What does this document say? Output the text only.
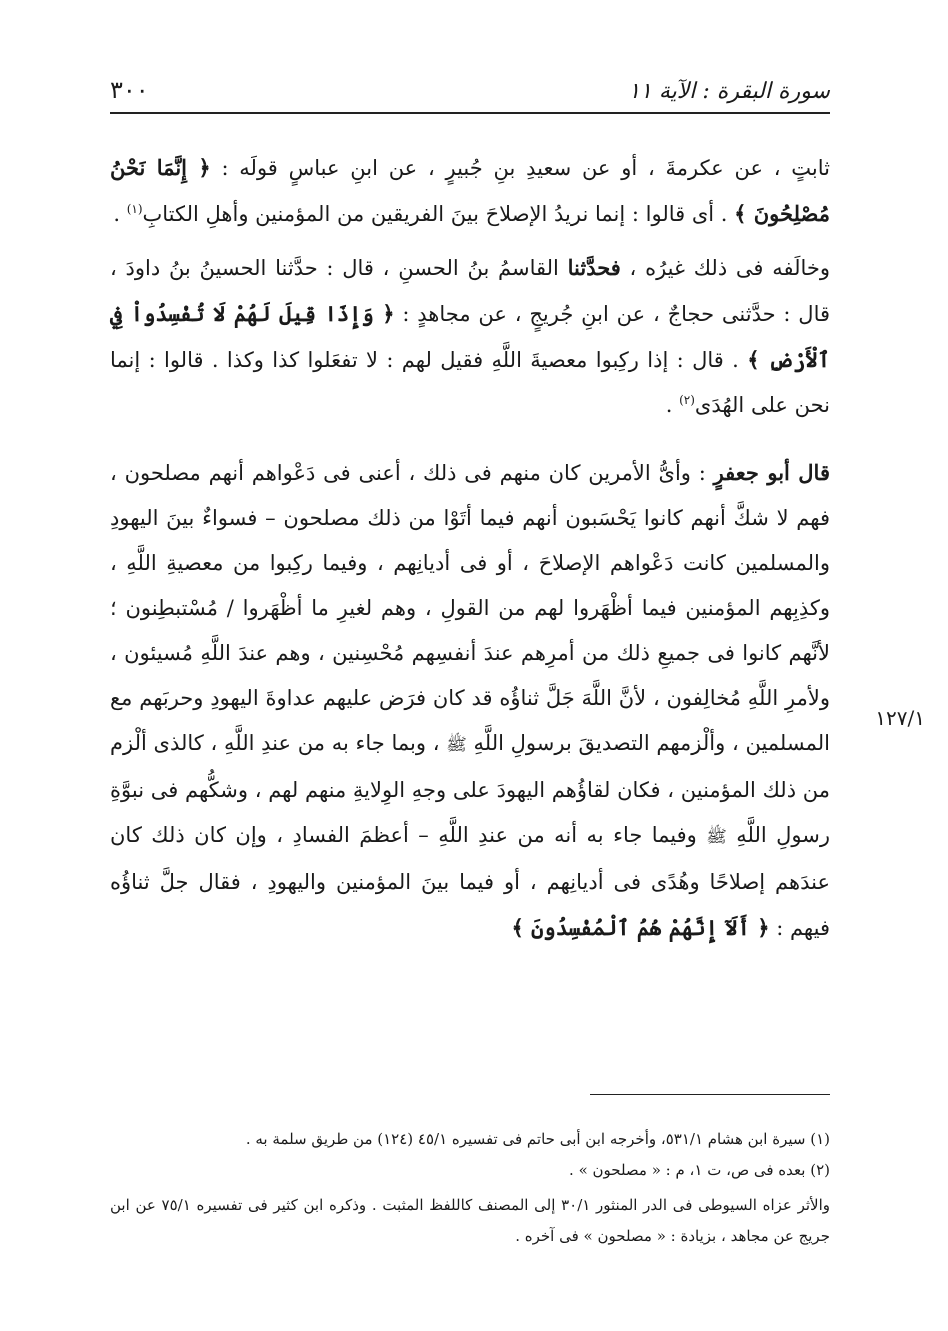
سورة البقرة : الآية ١١
٣٠٠

ثابتٍ ، عن عكرمةَ ، أو عن سعيدِ بنِ جُبيرٍ ، عن ابنِ عباسٍ قولَه : ﴿ إِنَّمَا نَحْنُ مُصْلِحُونَ ﴾ . أى قالوا : إنما نريدُ الإصلاحَ بينَ الفريقين من المؤمنين وأهلِ الكتابِ$^{(١)}$ .

وخالَفه فى ذلك غيرُه ، فحدَّثنا القاسمُ بنُ الحسنِ ، قال : حدَّثنا الحسينُ بنُ داودَ ، قال : حدَّثنى حجاجٌ ، عن ابنِ جُريجٍ ، عن مجاهدٍ : ﴿ وَإِذَا قِيلَ لَهُمْ لَا تُفْسِدُواْ فِي ٱلْأَرْضِ ﴾ . قال : إذا ركِبوا معصيةَ اللَّهِ فقيل لهم : لا تفعَلوا كذا وكذا . قالوا : إنما نحن على الهُدَى$^{(٢)}$ .

قال أبو جعفرٍ : وأىُّ الأمرين كان منهم فى ذلك ، أعنى فى دَعْواهم أنهم مصلحون ، فهم لا شكَّ أنهم كانوا يَحْسَبون أنهم فيما أتَوْا من ذلك مصلحون – فسواءٌ بينَ اليهودِ والمسلمين كانت دَعْواهم الإصلاحَ ، أو فى أديانِهم ، وفيما ركِبوا من معصيةِ اللَّهِ ، وكذِبِهم المؤمنين فيما أظْهَروا لهم من القولِ ، وهم لغيرِ ما أظْهَروا / مُسْتبطِنون ؛ لأنَّهم كانوا فى جميعِ ذلك من أمرِهم عندَ أنفسِهم مُحْسِنين ، وهم عندَ اللَّهِ مُسيئون ، ولأمرِ اللَّهِ مُخالِفون ، لأنَّ اللَّهَ جَلَّ ثناؤُه قد كان فرَض عليهم عداوةَ اليهودِ وحربَهم مع المسلمين ، وألْزمهم التصديقَ برسولِ اللَّهِ ﷺ ، وبما جاء به من عندِ اللَّهِ ، كالذى ألْزم من ذلك المؤمنين ، فكان لقاؤُهم اليهودَ على وجهِ الوِلايةِ منهم لهم ، وشكُّهم فى نبوَّةِ رسولِ اللَّهِ ﷺ وفيما جاء به أنه من عندِ اللَّهِ – أعظمَ الفسادِ ، وإن كان ذلك كان عندَهم إصلاحًا وهُدًى فى أديانِهم ، أو فيما بينَ المؤمنين واليهودِ ، فقال جلَّ ثناؤُه فيهم : ﴿ أَلَآ إِنَّهُمْ هُمُ ٱلْمُفْسِدُونَ ﴾

١٢٧/١

(١) سيرة ابن هشام ٥٣١/١، وأخرجه ابن أبى حاتم فى تفسيره ٤٥/١ (١٢٤) من طريق سلمة به .

(٢) بعده فى ص، ت ١، م : « مصلحون » .

والأثر عزاه السيوطى فى الدر المنثور ٣٠/١ إلى المصنف كاللفظ المثبت . وذكره ابن كثير فى تفسيره ٧٥/١ عن ابن جريج عن مجاهد ، بزيادة : « مصلحون » فى آخره .
